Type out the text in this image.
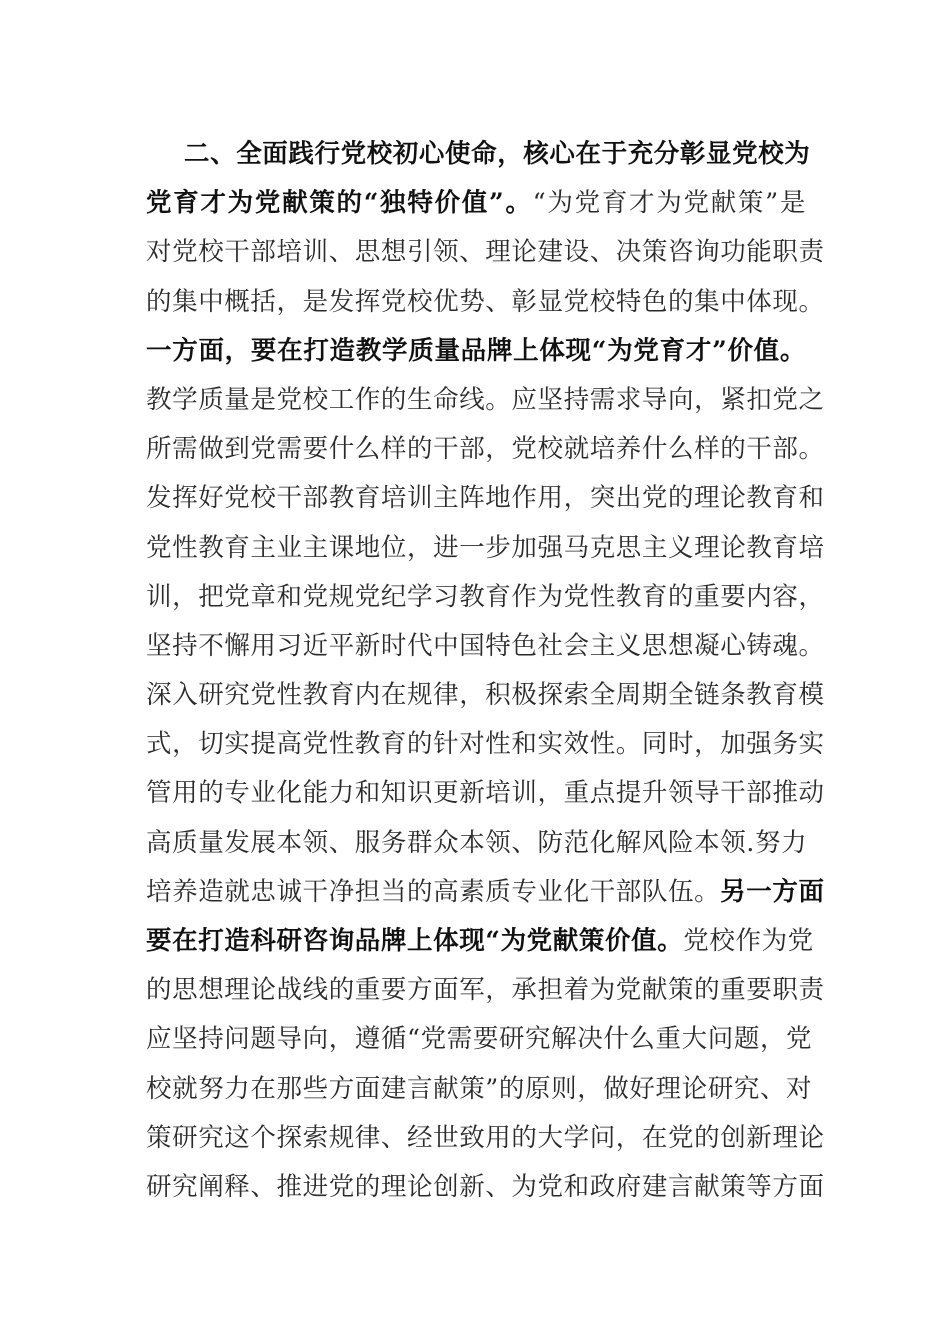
二、全面践行党校初心使命，核心在于充分彰显党校为
党育才为党献策的“独特价值”。“为党育才为党献策”是
对党校干部培训、思想引领、理论建设、决策咨询功能职责
的集中概括，是发挥党校优势、彰显党校特色的集中体现。
一方面，要在打造教学质量品牌上体现“为党育才”价值。
教学质量是党校工作的生命线。应坚持需求导向，紧扣党之
所需做到党需要什么样的干部，党校就培养什么样的干部。
发挥好党校干部教育培训主阵地作用，突出党的理论教育和
党性教育主业主课地位，进一步加强马克思主义理论教育培
训，把党章和党规党纪学习教育作为党性教育的重要内容，
坚持不懈用习近平新时代中国特色社会主义思想凝心铸魂。
深入研究党性教育内在规律，积极探索全周期全链条教育模
式，切实提高党性教育的针对性和实效性。同时，加强务实
管用的专业化能力和知识更新培训，重点提升领导干部推动
高质量发展本领、服务群众本领、防范化解风险本领.努力
培养造就忠诚干净担当的高素质专业化干部队伍。另一方面
要在打造科研咨询品牌上体现“为党献策价值。党校作为党
的思想理论战线的重要方面军，承担着为党献策的重要职责
应坚持问题导向，遵循“党需要研究解决什么重大问题，党
校就努力在那些方面建言献策”的原则，做好理论研究、对
策研究这个探索规律、经世致用的大学问，在党的创新理论
研究阐释、推进党的理论创新、为党和政府建言献策等方面
